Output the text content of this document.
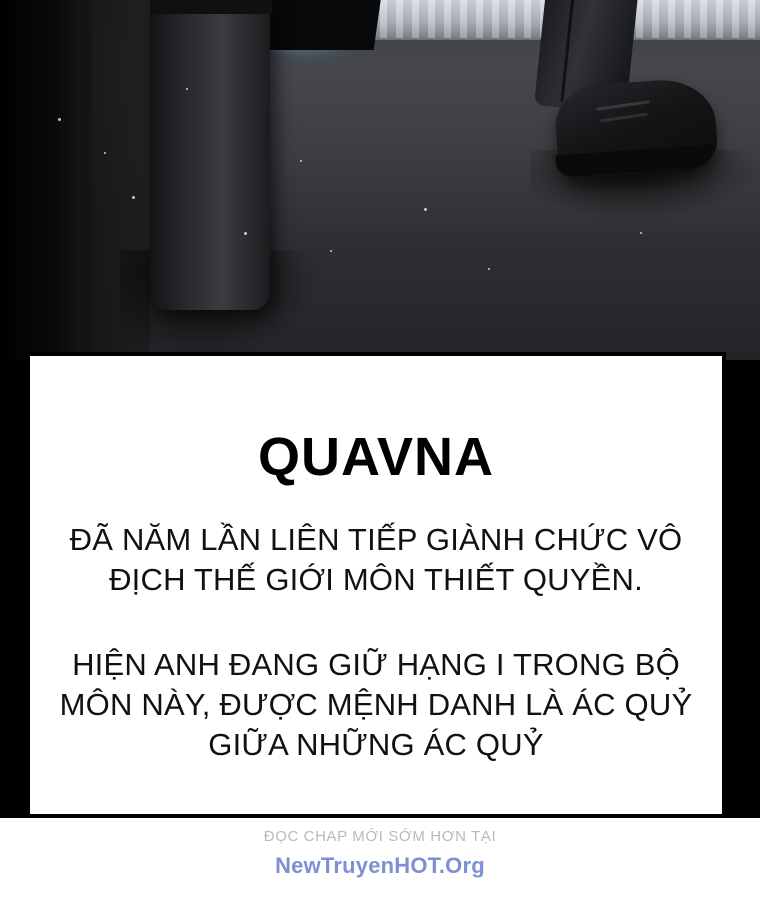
QUAVNA
ĐÃ NĂM LẦN LIÊN TIẾP GIÀNH CHỨC VÔ ĐỊCH THẾ GIỚI MÔN THIẾT QUYỀN.
HIỆN ANH ĐANG GIỮ HẠNG I TRONG BỘ MÔN NÀY, ĐƯỢC MỆNH DANH LÀ ÁC QUỶ GIỮA NHỮNG ÁC QUỶ
ĐỌC CHAP MỚI SỚM HƠN TẠI
NewTruyenHOT.Org
